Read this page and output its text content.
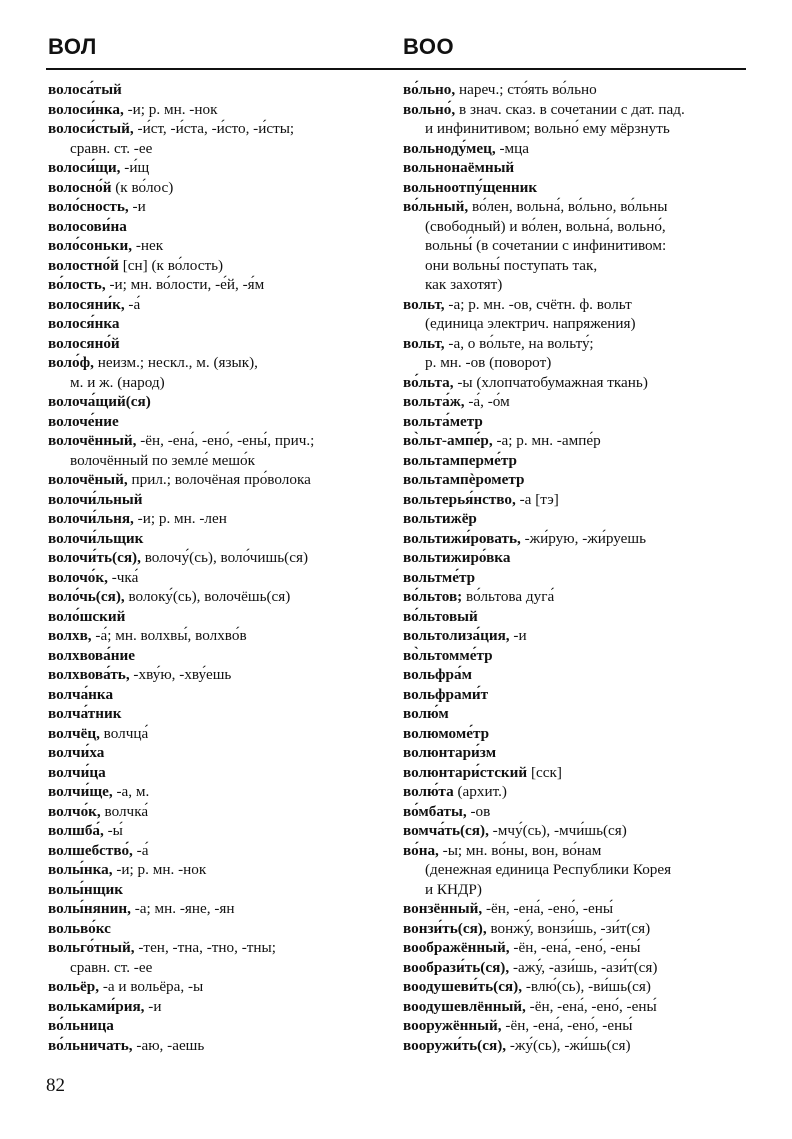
ВОЛ	ВОО
волоса́тый
волоси́нка, -и; р. мн. -нок
волоси́стый, -и́ст, -и́ста, -и́сто, -и́сты;
сравн. ст. -ее
волоси́щи, -и́щ
волосно́й (к во́лос)
воло́сность, -и
волосови́на
воло́соньки, -нек
волостно́й [сн] (к во́лость)
во́лость, -и; мн. во́лости, -е́й, -я́м
волосяни́к, -а́
волося́нка
волосяно́й
воло́ф, неизм.; нескл., м. (язык),
м. и ж. (народ)
волоча́щий(ся)
волоче́ние
волочённый, -ён, -ена́, -ено́, -ены́, прич.;
волочённый по земле́ мешо́к
волочёный, прил.; волочёная про́волока
волочи́льный
волочи́льня, -и; р. мн. -лен
волочи́льщик
волочи́ть(ся), волочу́(сь), воло́чишь(ся)
волочо́к, -чка́
воло́чь(ся), волоку́(сь), волочёшь(ся)
воло́шский
волхв, -а́; мн. волхвы́, волхво́в
волхвова́ние
волхвова́ть, -хву́ю, -хву́ешь
волча́нка
волча́тник
волчёц, волчца́
волчи́ха
волчи́ца
волчи́ще, -а, м.
волчо́к, волчка́
волшба́, -ы́
волшебство́, -а́
волы́нка, -и; р. мн. -нок
волы́нщик
волы́нянин, -а; мн. -яне, -ян
вольво́кс
вольго́тный, -тен, -тна, -тно, -тны;
сравн. ст. -ее
вольёр, -а и вольёра, -ы
вольками́рия, -и
во́льница
во́льничать, -аю, -аешь
во́льно, нареч.; сто́ять во́льно
вольно́, в знач. сказ. в сочетании с дат. пад.
и инфинитивом; вольно́ ему мёрзнуть
вольноду́мец, -мца
вольнонаёмный
вольноотпу́щенник
во́льный, во́лен, вольна́, во́льно, во́льны
(свободный) и во́лен, вольна́, вольно́,
вольны́ (в сочетании с инфинитивом:
они вольны́ поступать так,
как захотят)
вольт, -а; р. мн. -ов, счётн. ф. вольт
(единица электрич. напряжения)
вольт, -а, о во́льте, на вольту́;
р. мн. -ов (поворот)
во́льта, -ы (хлопчатобумажная ткань)
вольта́ж, -а́, -о́м
вольта́метр
во̀льт-ампе́р, -а; р. мн. -ампе́р
вольтамперме́тр
вольтампѐрометр
вольтерья́нство, -а [тэ]
вольтижёр
вольтижи́ровать, -жи́рую, -жи́руешь
вольтижиро́вка
вольтме́тр
во́льтов; во́льтова дуга́
во́льтовый
вольтолиза́ция, -и
во̀льтомме́тр
вольфра́м
вольфрами́т
волю́м
волюмоме́тр
волюнтари́зм
волюнтари́стский [сск]
волю́та (архит.)
во́мбаты, -ов
вомча́ть(ся), -мчу́(сь), -мчи́шь(ся)
во́на, -ы; мн. во́ны, вон, во́нам
(денежная единица Республики Корея
и КНДР)
вонзённый, -ён, -ена́, -ено́, -ены́
вонзи́ть(ся), вонжу́, вонзи́шь, -зи́т(ся)
воображённый, -ён, -ена́, -ено́, -ены́
вообрази́ть(ся), -ажу́, -ази́шь, -ази́т(ся)
воодушеви́ть(ся), -влю́(сь), -ви́шь(ся)
воодушевлённый, -ён, -ена́, -ено́, -ены́
вооружённый, -ён, -ена́, -ено́, -ены́
вооружи́ть(ся), -жу́(сь), -жи́шь(ся)
82
